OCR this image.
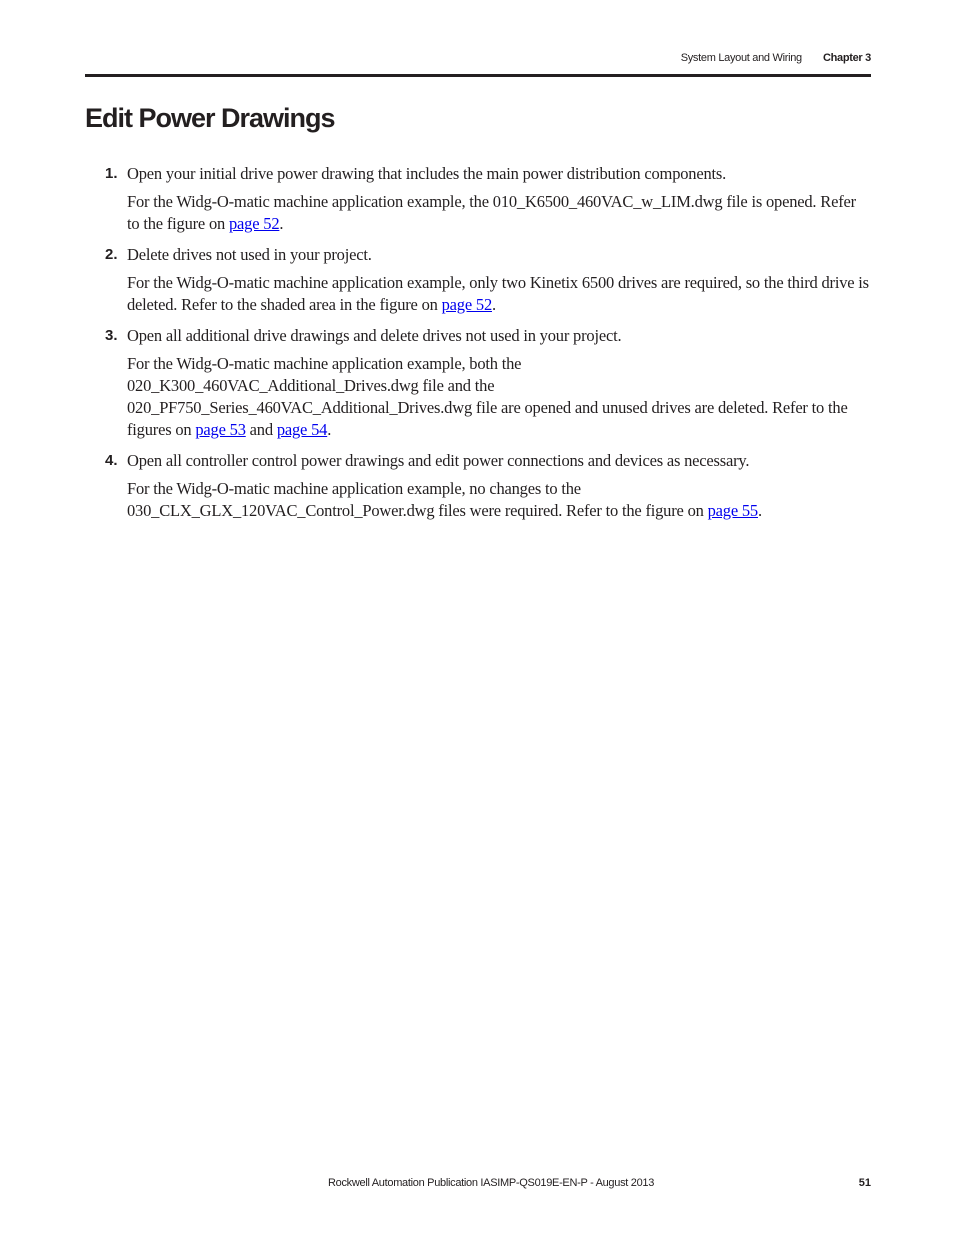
System Layout and Wiring Chapter 3
Edit Power Drawings
1. Open your initial drive power drawing that includes the main power distribution components.

For the Widg-O-matic machine application example, the 010_K6500_460VAC_w_LIM.dwg file is opened. Refer to the figure on page 52.

2. Delete drives not used in your project.

For the Widg-O-matic machine application example, only two Kinetix 6500 drives are required, so the third drive is deleted. Refer to the shaded area in the figure on page 52.

3. Open all additional drive drawings and delete drives not used in your project.

For the Widg-O-matic machine application example, both the
020_K300_460VAC_Additional_Drives.dwg file and the
020_PF750_Series_460VAC_Additional_Drives.dwg file are opened and unused drives are deleted. Refer to the figures on page 53 and page 54.

4. Open all controller control power drawings and edit power connections and devices as necessary.

For the Widg-O-matic machine application example, no changes to the
030_CLX_GLX_120VAC_Control_Power.dwg files were required. Refer to the figure on page 55.

Rockwell Automation Publication IASIMP-QS019E-EN-P - August 2013	51
